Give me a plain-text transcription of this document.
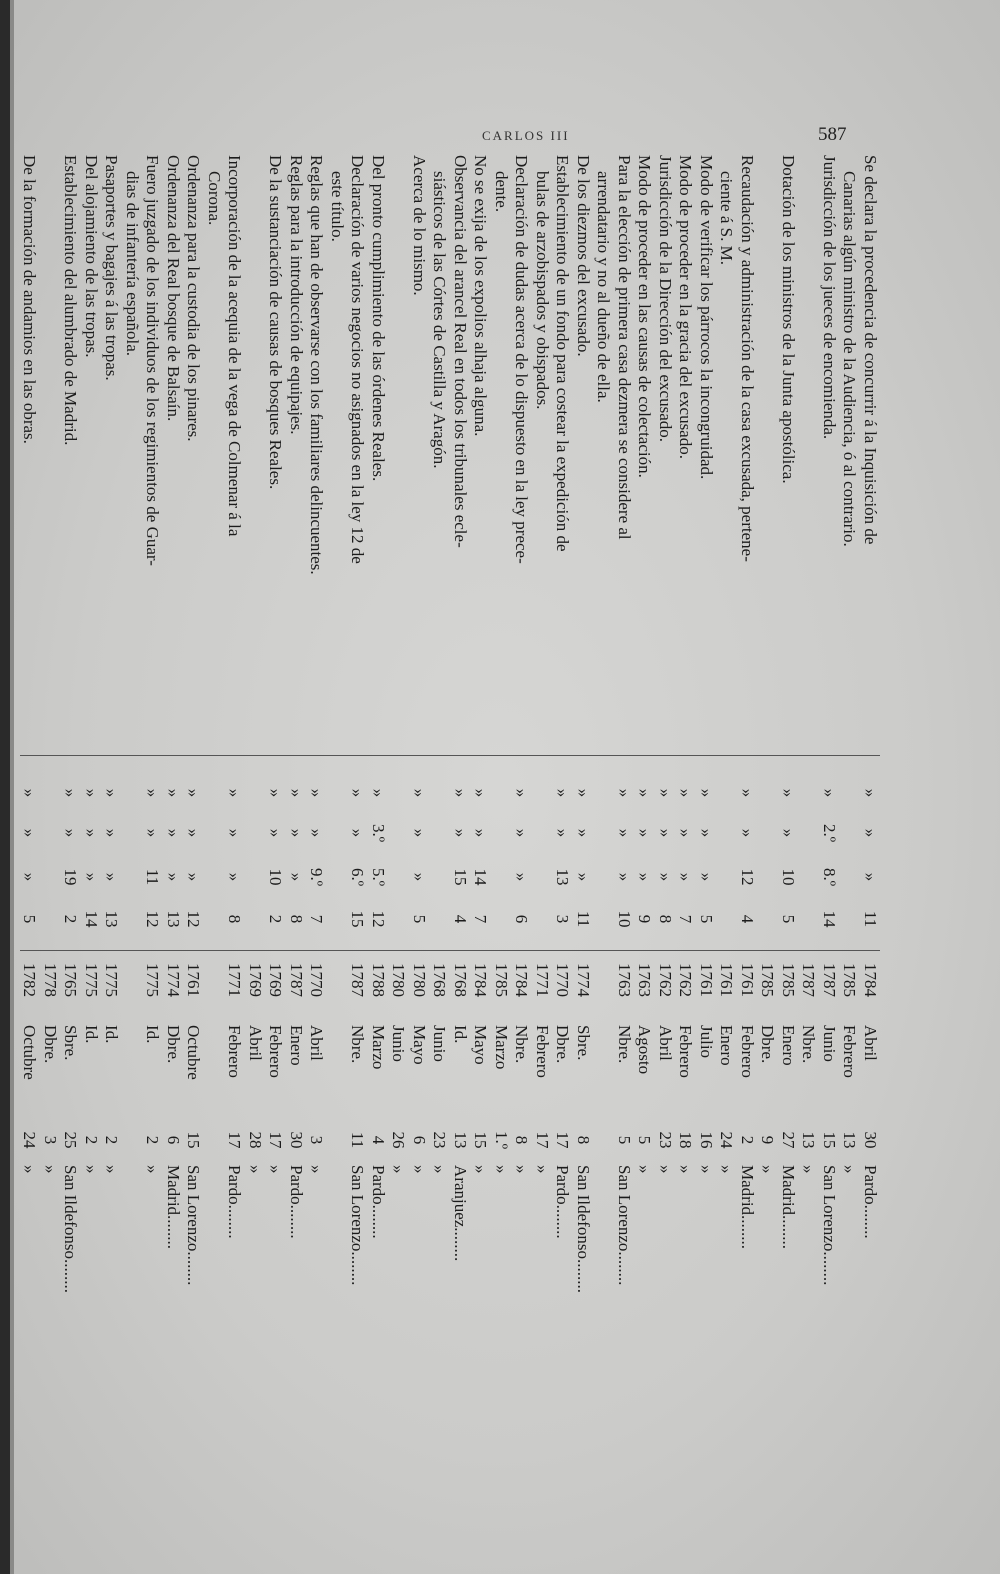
CARLOS III	587
Se declara la procedencia de concurrir á la Inquisición de
»
»
»
11
1784
Abril
30
Pardo........
Canarias algún ministro de la Audiencia, ó al contrario.
1785
Febrero
13
»
Jurisdicción de los jueces de encomienda.
»
2.º
8.º
14
1787
Junio
15
San Lorenzo........
1787
Nbre.
13
»
Dotación de los ministros de la Junta apostólica.
»
»
10
5
1785
Enero
27
Madrid........
1785
Dbre.
9
»
Recaudación y administración de la casa excusada, pertene-
»
»
12
4
1761
Febrero
2
Madrid........
ciente á S. M.
1761
Enero
24
»
Modo de verificar los párrocos la incongruidad.
»
»
»
5
1761
Julio
16
»
Modo de proceder en la gracia del excusado.
»
»
»
7
1762
Febrero
18
»
Jurisdicción de la Dirección del excusado.
»
»
»
8
1762
Abril
23
»
Modo de proceder en las causas de colectación.
»
»
»
9
1763
Agosto
5
»
Para la elección de primera casa dezmera se considere al
»
»
»
10
1763
Nbre.
5
San Lorenzo........
arrendatario y no al dueño de ella.
De los diezmos del excusado.
»
»
»
11
1774
Sbre.
8
San Ildefonso........
Establecimiento de un fondo para costear la expedición de
»
»
13
3
1770
Dbre.
17
Pardo........
bulas de arzobispados y obispados.
1771
Febrero
17
»
Declaración de dudas acerca de lo dispuesto en la ley prece-
»
»
»
6
1784
Nbre.
8
»
dente.
1785
Marzo
1.º
»
No se exija de los expolios alhaja alguna.
»
»
14
7
1784
Mayo
15
»
Observancia del arancel Real en todos los tribunales ecle-
»
»
15
4
1768
Id.
13
Aranjuez........
siásticos de las Córtes de Castilla y Aragón.
1768
Junio
23
»
Acerca de lo mismo.
»
»
»
5
1780
Mayo
6
»
1780
Junio
26
»
Del pronto cumplimiento de las órdenes Reales.
»
3.º
5.º
12
1788
Marzo
4
Pardo........
Declaración de varios negocios no asignados en la ley 12 de
»
»
6.º
15
1787
Nbre.
11
San Lorenzo........
este título.
Reglas que han de observarse con los familiares delincuentes.
»
»
9.º
7
1770
Abril
3
»
Reglas para la introducción de equipajes.
»
»
»
8
1787
Enero
30
Pardo........
De la sustanciación de causas de bosques Reales.
»
»
10
2
1769
Febrero
17
»
1769
Abril
28
»
Incorporación de la acequia de la vega de Colmenar á la
»
»
»
8
1771
Febrero
17
Pardo........
Corona.
Ordenanza para la custodia de los pinares.
»
»
»
12
1761
Octubre
15
San Lorenzo........
Ordenanza del Real bosque de Balsaín.
»
»
»
13
1774
Dbre.
6
Madrid........
Fuero juzgado de los individuos de los regimientos de Guar-
»
»
11
12
1775
Id.
2
»
dias de infantería española.
Pasaportes y bagajes á las tropas.
»
»
»
13
1775
Id.
2
»
Del alojamiento de las tropas.
»
»
»
14
1775
Id.
2
»
Establecimiento del alumbrado de Madrid.
»
»
19
2
1765
Sbre.
25
San Ildefonso........
1778
Dbre.
3
»
De la formación de andamios en las obras.
»
»
»
5
1782
Octubre
24
»
